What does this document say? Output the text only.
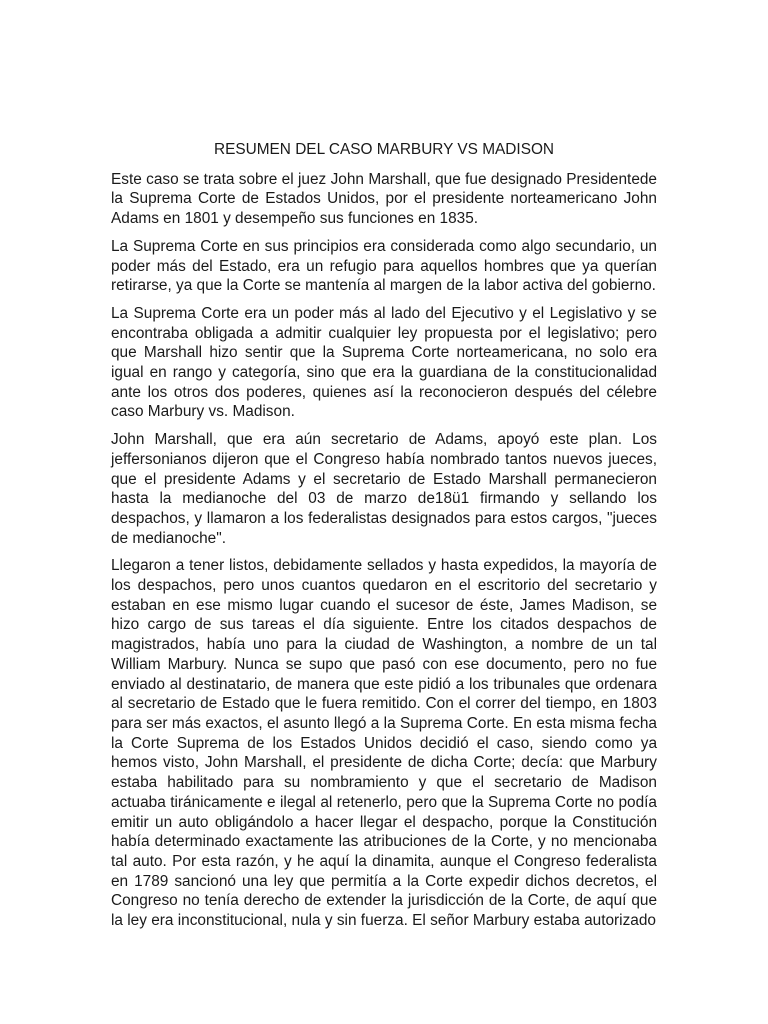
RESUMEN DEL CASO MARBURY VS MADISON

Este caso se trata sobre el juez John Marshall, que fue designado Presidentede la Suprema Corte de Estados Unidos, por el presidente norteamericano John Adams en 1801 y desempeño sus funciones en 1835.

La Suprema Corte en sus principios era considerada como algo secundario, un poder más del Estado, era un refugio para aquellos hombres que ya querían retirarse, ya que la Corte se mantenía al margen de la labor activa del gobierno.

La Suprema Corte era un poder más al lado del Ejecutivo y el Legislativo y se encontraba obligada a admitir cualquier ley propuesta por el legislativo; pero que Marshall hizo sentir que la Suprema Corte norteamericana, no solo era igual en rango y categoría, sino que era la guardiana de la constitucionalidad ante los otros dos poderes, quienes así la reconocieron después del célebre caso Marbury vs. Madison.

John Marshall, que era aún secretario de Adams, apoyó este plan. Los jeffersonianos dijeron que el Congreso había nombrado tantos nuevos jueces, que el presidente Adams y el secretario de Estado Marshall permanecieron hasta la medianoche del 03 de marzo de18ü1 firmando y sellando los despachos, y llamaron a los federalistas designados para estos cargos, "jueces de medianoche".

Llegaron a tener listos, debidamente sellados y hasta expedidos, la mayoría de los despachos, pero unos cuantos quedaron en el escritorio del secretario y estaban en ese mismo lugar cuando el sucesor de éste, James Madison, se hizo cargo de sus tareas el día siguiente. Entre los citados despachos de magistrados, había uno para la ciudad de Washington, a nombre de un tal William Marbury. Nunca se supo que pasó con ese documento, pero no fue enviado al destinatario, de manera que este pidió a los tribunales que ordenara al secretario de Estado que le fuera remitido. Con el correr del tiempo, en 1803 para ser más exactos, el asunto llegó a la Suprema Corte. En esta misma fecha la Corte Suprema de los Estados Unidos decidió el caso, siendo como ya hemos visto, John Marshall, el presidente de dicha Corte; decía: que Marbury estaba habilitado para su nombramiento y que el secretario de Madison actuaba tiránicamente e ilegal al retenerlo, pero que la Suprema Corte no podía emitir un auto obligándolo a hacer llegar el despacho, porque la Constitución había determinado exactamente las atribuciones de la Corte, y no mencionaba tal auto. Por esta razón, y he aquí la dinamita, aunque el Congreso federalista en 1789 sancionó una ley que permitía a la Corte expedir dichos decretos, el Congreso no tenía derecho de extender la jurisdicción de la Corte, de aquí que la ley era inconstitucional, nula y sin fuerza. El señor Marbury estaba autorizado
